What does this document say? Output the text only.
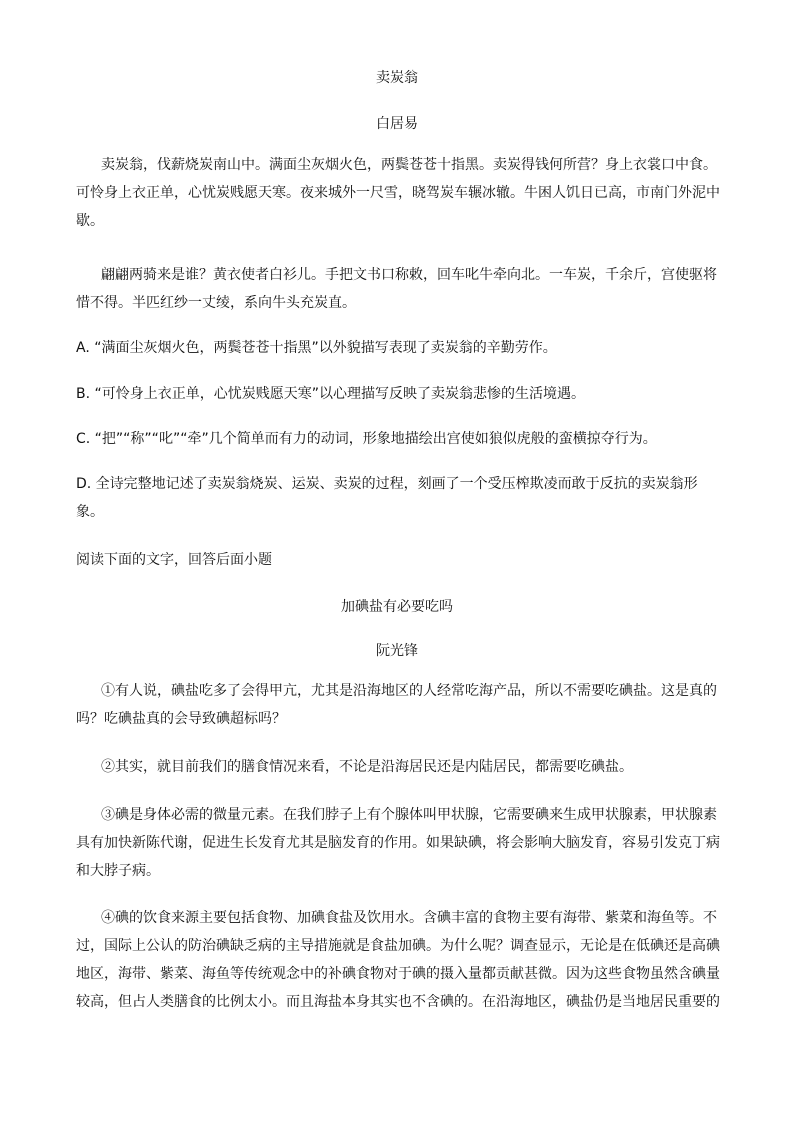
卖炭翁
白居易

卖炭翁，伐薪烧炭南山中。满面尘灰烟火色，两鬓苍苍十指黑。卖炭得钱何所营？身上衣裳口中食。可怜身上衣正单，心忧炭贱愿天寒。夜来城外一尺雪，晓驾炭车辗冰辙。牛困人饥日已高，市南门外泥中歇。

翩翩两骑来是谁？黄衣使者白衫儿。手把文书口称敕，回车叱牛牵向北。一车炭，千余斤，宫使驱将惜不得。半匹红纱一丈绫，系向牛头充炭直。

A. “满面尘灰烟火色，两鬓苍苍十指黑”以外貌描写表现了卖炭翁的辛勤劳作。

B. “可怜身上衣正单，心忧炭贱愿天寒”以心理描写反映了卖炭翁悲惨的生活境遇。

C. “把”“称”“叱”“牵”几个简单而有力的动词，形象地描绘出宫使如狼似虎般的蛮横掠夺行为。

D. 全诗完整地记述了卖炭翁烧炭、运炭、卖炭的过程，刻画了一个受压榨欺凌而敢于反抗的卖炭翁形象。

阅读下面的文字，回答后面小题

加碘盐有必要吃吗
阮光锋

①有人说，碘盐吃多了会得甲亢，尤其是沿海地区的人经常吃海产品，所以不需要吃碘盐。这是真的吗？吃碘盐真的会导致碘超标吗？

②其实，就目前我们的膳食情况来看，不论是沿海居民还是内陆居民，都需要吃碘盐。

③碘是身体必需的微量元素。在我们脖子上有个腺体叫甲状腺，它需要碘来生成甲状腺素，甲状腺素具有加快新陈代谢，促进生长发育尤其是脑发育的作用。如果缺碘，将会影响大脑发育，容易引发克丁病和大脖子病。

④碘的饮食来源主要包括食物、加碘食盐及饮用水。含碘丰富的食物主要有海带、紫菜和海鱼等。不过，国际上公认的防治碘缺乏病的主导措施就是食盐加碘。为什么呢？调查显示，无论是在低碘还是高碘地区，海带、紫菜、海鱼等传统观念中的补碘食物对于碘的摄入量都贡献甚微。因为这些食物虽然含碘量较高，但占人类膳食的比例太小。而且海盐本身其实也不含碘的。在沿海地区，碘盐仍是当地居民重要的
